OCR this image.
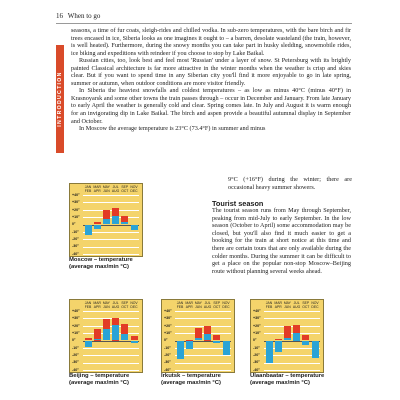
16 When to go
INTRODUCTION

seasons, a time of fur coats, sleigh-rides and chilled vodka. In sub-zero temperatures, with the bare birch and fir trees encased in ice, Siberia looks as one imagines it ought to – a barren, desolate wasteland (the train, however, is well heated). Furthermore, during the snowy months you can take part in husky sledding, snowmobile rides, ice biking and expeditions with reindeer if you choose to stop by Lake Baikal.

Russian cities, too, look best and feel most 'Russian' under a layer of snow. St Petersburg with its brightly painted Classical architecture is far more attractive in the winter months when the weather is crisp and skies clear. But if you want to spend time in any Siberian city you'll find it more enjoyable to go in late spring, summer or autumn, when outdoor conditions are more visitor friendly.

In Siberia the heaviest snowfalls and coldest temperatures – as low as minus 40°C (minus 40°F) in Krasnoyarsk and some other towns the train passes through – occur in December and January. From late January to early April the weather is generally cold and clear. Spring comes late. In July and August it is warm enough for an invigorating dip in Lake Baikal. The birch and aspen provide a beautiful autumnal display in September and October.

In Moscow the average temperature is 23°C (73.4°F) in summer and minus

9°C (+16°F) during the winter; there are occasional heavy summer showers.

Tourist season

The tourist season runs from May through September, peaking from mid-July to early September. In the low season (October to April) some accommodation may be closed, but you'll also find it much easier to get a booking for the train at short notice at this time and there are certain tours that are only available during the colder months. During the summer it can be difficult to get a place on the popular non-stop Moscow–Beijing route without planning several weeks ahead.

JAN
FEB
MAR
APR
MAY
JUN
JUL
AUG
SEP
OCT
NOV
DEC
+40°
+30°
+20°
+10°
0°
-10°
-20°
-30°
-40°
Moscow – temperature
(average max/min °C)
JAN
FEB
MAR
APR
MAY
JUN
JUL
AUG
SEP
OCT
NOV
DEC
+40°
+30°
+20°
+10°
0°
-10°
-20°
-30°
-40°
Beijing – temperature
(average max/min °C)
JAN
FEB
MAR
APR
MAY
JUN
JUL
AUG
SEP
OCT
NOV
DEC
+40°
+30°
+20°
+10°
0°
-10°
-20°
-30°
-40°
Irkutsk – temperature
(average max/min °C)
JAN
FEB
MAR
APR
MAY
JUN
JUL
AUG
SEP
OCT
NOV
DEC
+40°
+30°
+20°
+10°
0°
-10°
-20°
-30°
-40°
Ulaanbaatar – temperature
(average max/min °C)
